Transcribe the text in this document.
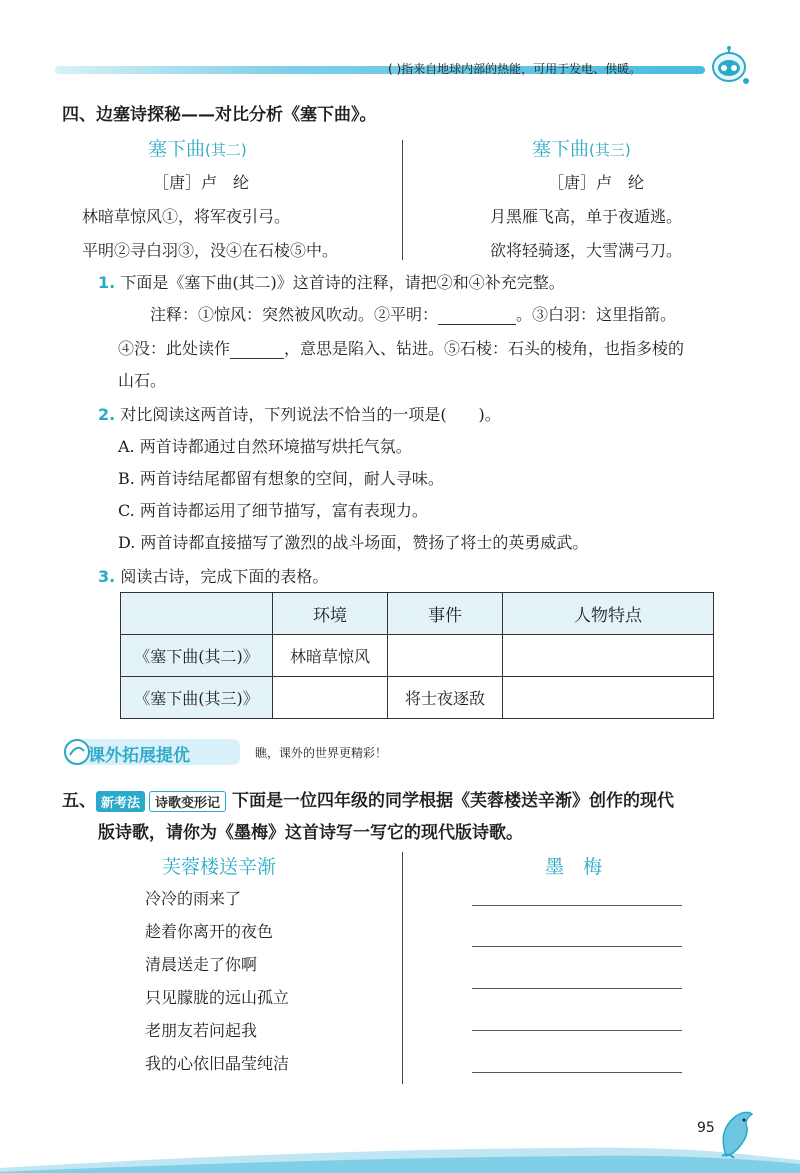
( )指来自地球内部的热能，可用于发电、供暖。
四、边塞诗探秘——对比分析《塞下曲》。
塞下曲(其二)
［唐］卢　纶
林暗草惊风①，将军夜引弓。
平明②寻白羽③，没④在石棱⑤中。
塞下曲(其三)
［唐］卢　纶
月黑雁飞高，单于夜遁逃。
欲将轻骑逐，大雪满弓刀。
1. 下面是《塞下曲(其二)》这首诗的注释，请把②和④补充完整。
注释：①惊风：突然被风吹动。②平明：	。③白羽：这里指箭。
④没：此处读作	，意思是陷入、钻进。⑤石棱：石头的棱角，也指多棱的
山石。
2. 对比阅读这两首诗，下列说法不恰当的一项是(　　)。
A. 两首诗都通过自然环境描写烘托气氛。
B. 两首诗结尾都留有想象的空间，耐人寻味。
C. 两首诗都运用了细节描写，富有表现力。
D. 两首诗都直接描写了激烈的战斗场面，赞扬了将士的英勇威武。
3. 阅读古诗，完成下面的表格。
	环境	事件	人物特点
《塞下曲(其二)》	林暗草惊风		
《塞下曲(其三)》		将士夜逐敌	
课外拓展提优	瞧，课外的世界更精彩！
五、 新考法 诗歌变形记 下面是一位四年级的同学根据《芙蓉楼送辛渐》创作的现代
版诗歌，请你为《墨梅》这首诗写一写它的现代版诗歌。
芙蓉楼送辛渐	墨　梅
冷冷的雨来了
趁着你离开的夜色
清晨送走了你啊
只见朦胧的远山孤立
老朋友若问起我
我的心依旧晶莹纯洁
95
